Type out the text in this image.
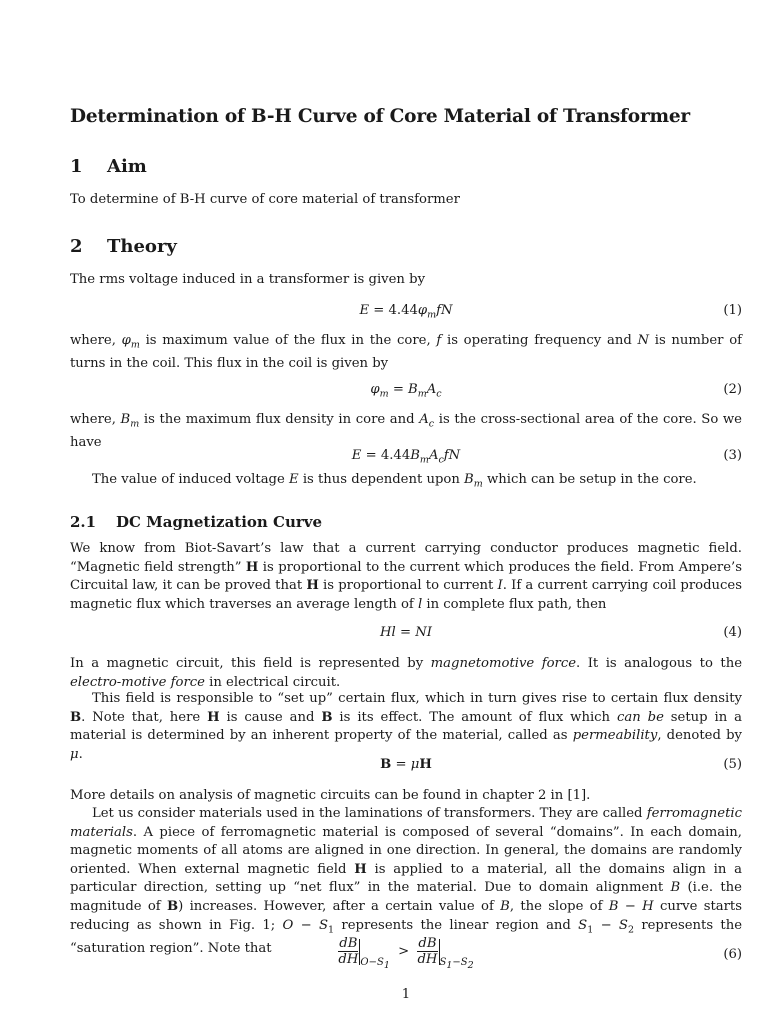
Determination of B-H Curve of Core Material of Transformer
1 Aim

To determine of B-H curve of core material of transformer

2 Theory

The rms voltage induced in a transformer is given by

$E = 4.44\varphi_mfN$	(1)

where, $\varphi_m$ is maximum value of the flux in the core, f is operating frequency and N is number of turns in the coil. This flux in the coil is given by

$\varphi_m = B_mA_c$	(2)

where, $B_m$ is the maximum flux density in core and $A_c$ is the cross-sectional area of the core. So we have

$E = 4.44B_mA_cfN$	(3)

The value of induced voltage E is thus dependent upon $B_m$ which can be setup in the core.

2.1 DC Magnetization Curve

We know from Biot-Savart’s law that a current carrying conductor produces magnetic field. “Magnetic field strength” H is proportional to the current which produces the field. From Ampere’s Circuital law, it can be proved that H is proportional to current I. If a current carrying coil produces magnetic flux which traverses an average length of l in complete flux path, then

Hl = NI	(4)

In a magnetic circuit, this field is represented by magnetomotive force. It is analogous to the electro-motive force in electrical circuit.

This field is responsible to “set up” certain flux, which in turn gives rise to certain flux density B. Note that, here H is cause and B is its effect. The amount of flux which can be setup in a material is determined by an inherent property of the material, called as permeability, denoted by μ.

B = μH	(5)

More details on analysis of magnetic circuits can be found in chapter 2 in [1].

Let us consider materials used in the laminations of transformers. They are called ferromagnetic materials. A piece of ferromagnetic material is composed of several “domains”. In each domain, magnetic moments of all atoms are aligned in one direction. In general, the domains are randomly oriented. When external magnetic field H is applied to a material, all the domains align in a particular direction, setting up “net flux” in the material. Due to domain alignment B (i.e. the magnitude of B) increases. However, after a certain value of B, the slope of B − H curve starts reducing as shown in Fig. 1; $O - S_1$ represents the linear region and $S_1 - S_2$ represents the “saturation region”. Note that	$\frac{dB}{dH} _{O-S_1} > \frac{dB}{dH} _{S_1-S_2}$
(6)
1
